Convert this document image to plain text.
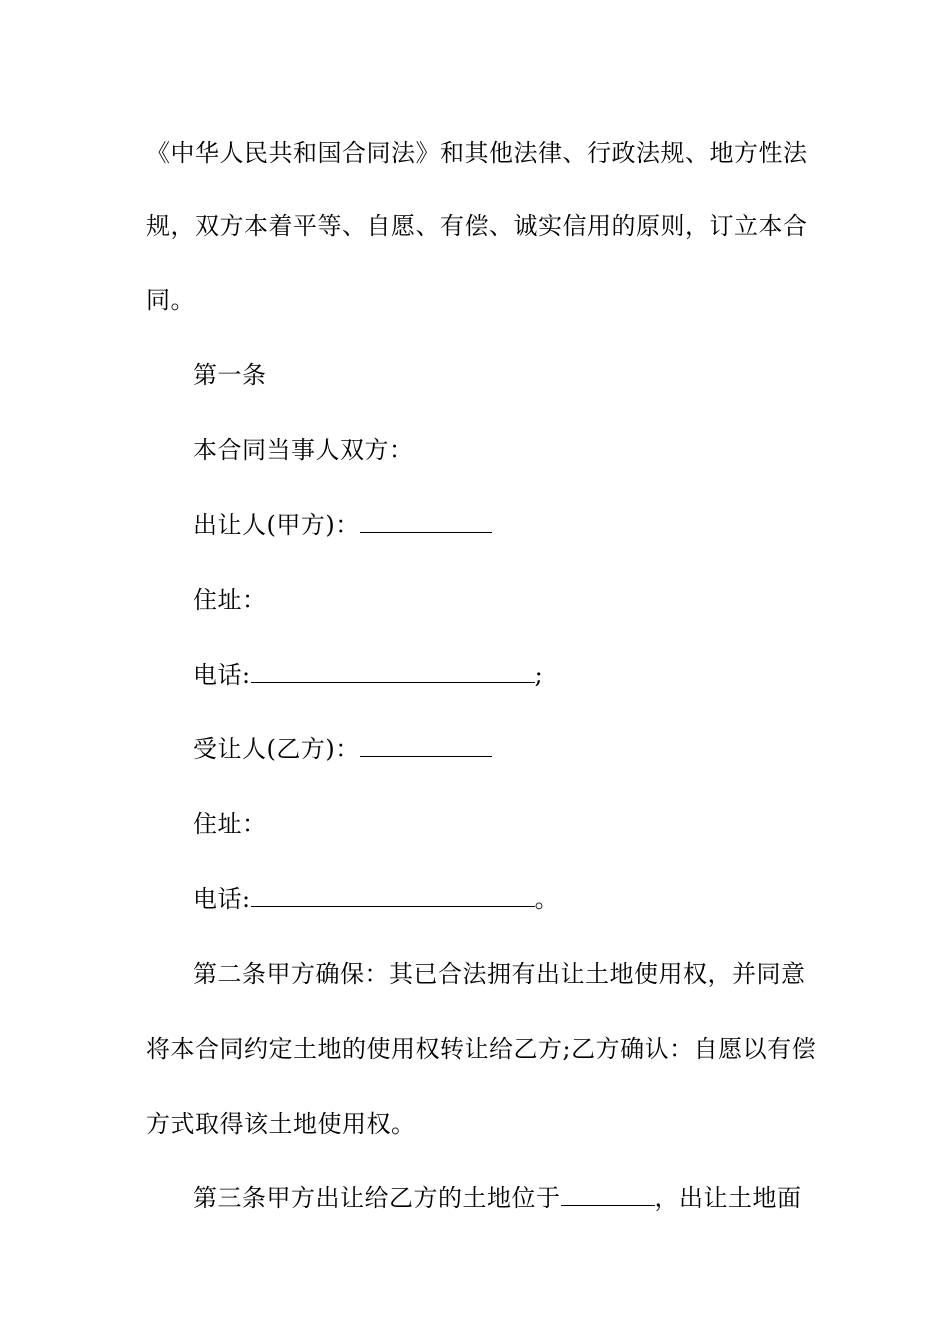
《中华人民共和国合同法》和其他法律、行政法规、地方性法
规，双方本着平等、自愿、有偿、诚实信用的原则，订立本合
同。
第一条
本合同当事人双方：
出让人(甲方)：
住址：
电话:	;
受让人(乙方)：
住址：
电话:	。
第二条甲方确保：其已合法拥有出让土地使用权，并同意
将本合同约定土地的使用权转让给乙方;乙方确认：自愿以有偿
方式取得该土地使用权。
第三条甲方出让给乙方的土地位于	，出让土地面
